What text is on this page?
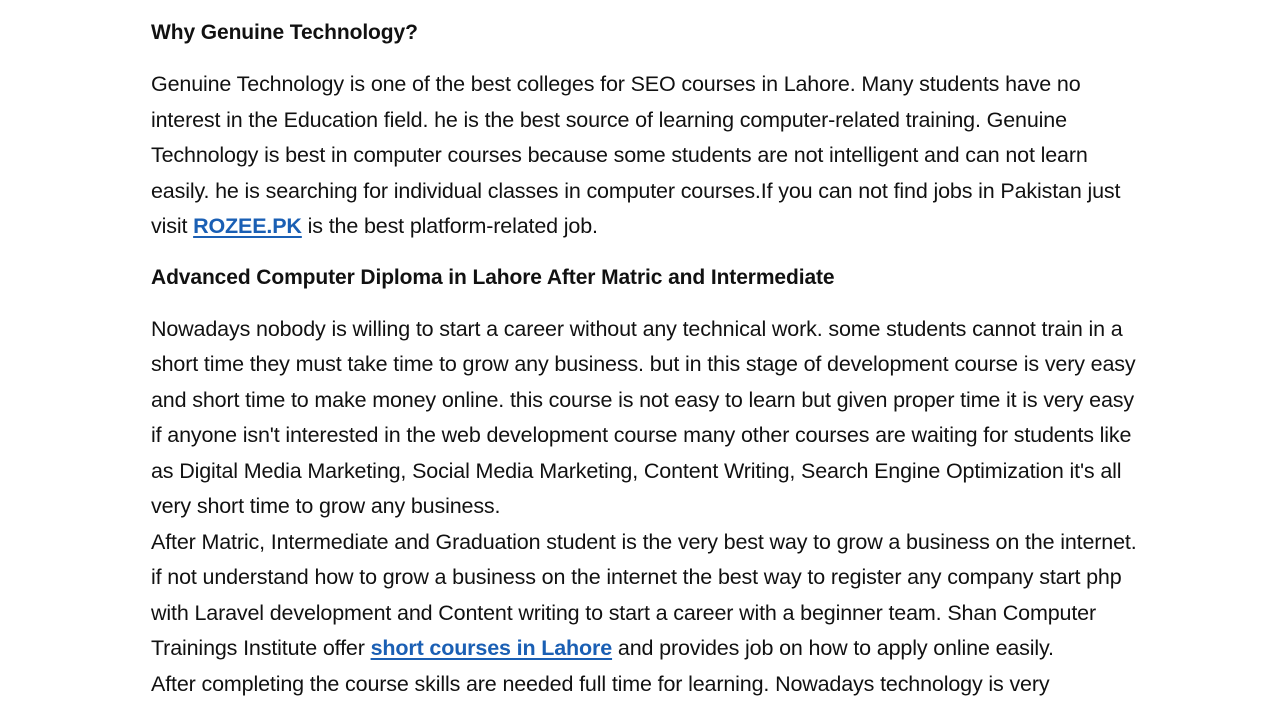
Why Genuine Technology?

Genuine Technology is one of the best colleges for SEO courses in Lahore. Many students have no interest in the Education field. he is the best source of learning computer-related training. Genuine Technology is best in computer courses because some students are not intelligent and can not learn easily. he is searching for individual classes in computer courses.If you can not find jobs in Pakistan just visit ROZEE.PK is the best platform-related job.

Advanced Computer Diploma in Lahore After Matric and Intermediate

Nowadays nobody is willing to start a career without any technical work. some students cannot train in a short time they must take time to grow any business. but in this stage of development course is very easy and short time to make money online. this course is not easy to learn but given proper time it is very easy if anyone isn't interested in the web development course many other courses are waiting for students like as Digital Media Marketing, Social Media Marketing, Content Writing, Search Engine Optimization it's all very short time to grow any business.

After Matric, Intermediate and Graduation student is the very best way to grow a business on the internet. if not understand how to grow a business on the internet the best way to register any company start php with Laravel development and Content writing to start a career with a beginner team. Shan Computer Trainings Institute offer short courses in Lahore and provides job on how to apply online easily.

After completing the course skills are needed full time for learning. Nowadays technology is very
